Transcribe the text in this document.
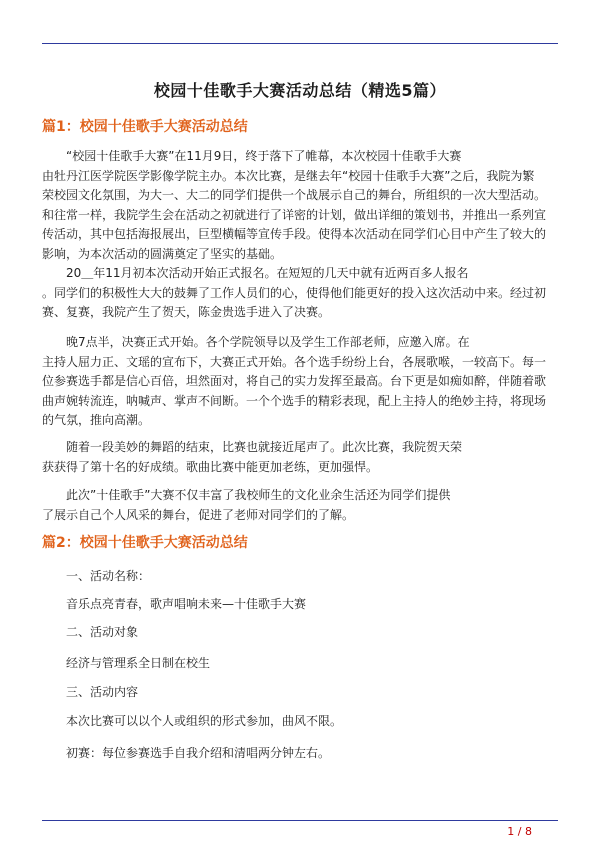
校园十佳歌手大赛活动总结（精选5篇）
篇1：校园十佳歌手大赛活动总结

“校园十佳歌手大赛”在11月9日，终于落下了帷幕，本次校园十佳歌手大赛
由牡丹江医学院医学影像学院主办。本次比赛，是继去年“校园十佳歌手大赛”之后，我院为繁
荣校园文化氛围，为大一、大二的同学们提供一个战展示自己的舞台，所组织的一次大型活动。
和往常一样，我院学生会在活动之初就进行了详密的计划，做出详细的策划书，并推出一系列宣
传活动，其中包括海报展出，巨型横幅等宣传手段。使得本次活动在同学们心目中产生了较大的
影响，为本次活动的圆满奠定了坚实的基础。

20＿年11月初本次活动开始正式报名。在短短的几天中就有近两百多人报名
。同学们的积极性大大的鼓舞了工作人员们的心，使得他们能更好的投入这次活动中来。经过初
赛、复赛，我院产生了贺天，陈金贵选手进入了决赛。

晚7点半，决赛正式开始。各个学院领导以及学生工作部老师，应邀入席。在
主持人屈力正、文瑶的宣布下，大赛正式开始。各个选手纷纷上台，各展歌喉，一较高下。每一
位参赛选手都是信心百倍，坦然面对，将自己的实力发挥至最高。台下更是如痴如醉，伴随着歌
曲声婉转流连，呐喊声、掌声不间断。一个个选手的精彩表现，配上主持人的绝妙主持，将现场
的气氛，推向高潮。

随着一段美妙的舞蹈的结束，比赛也就接近尾声了。此次比赛，我院贺天荣
获获得了第十名的好成绩。歌曲比赛中能更加老练，更加强悍。

此次”十佳歌手”大赛不仅丰富了我校师生的文化业余生活还为同学们提供
了展示自己个人风采的舞台，促进了老师对同学们的了解。

篇2：校园十佳歌手大赛活动总结

一、活动名称：

音乐点亮青春，歌声唱响未来—十佳歌手大赛

二、活动对象

经济与管理系全日制在校生

三、活动内容

本次比赛可以以个人或组织的形式参加，曲风不限。

初赛：每位参赛选手自我介绍和清唱两分钟左右。

1 / 8
